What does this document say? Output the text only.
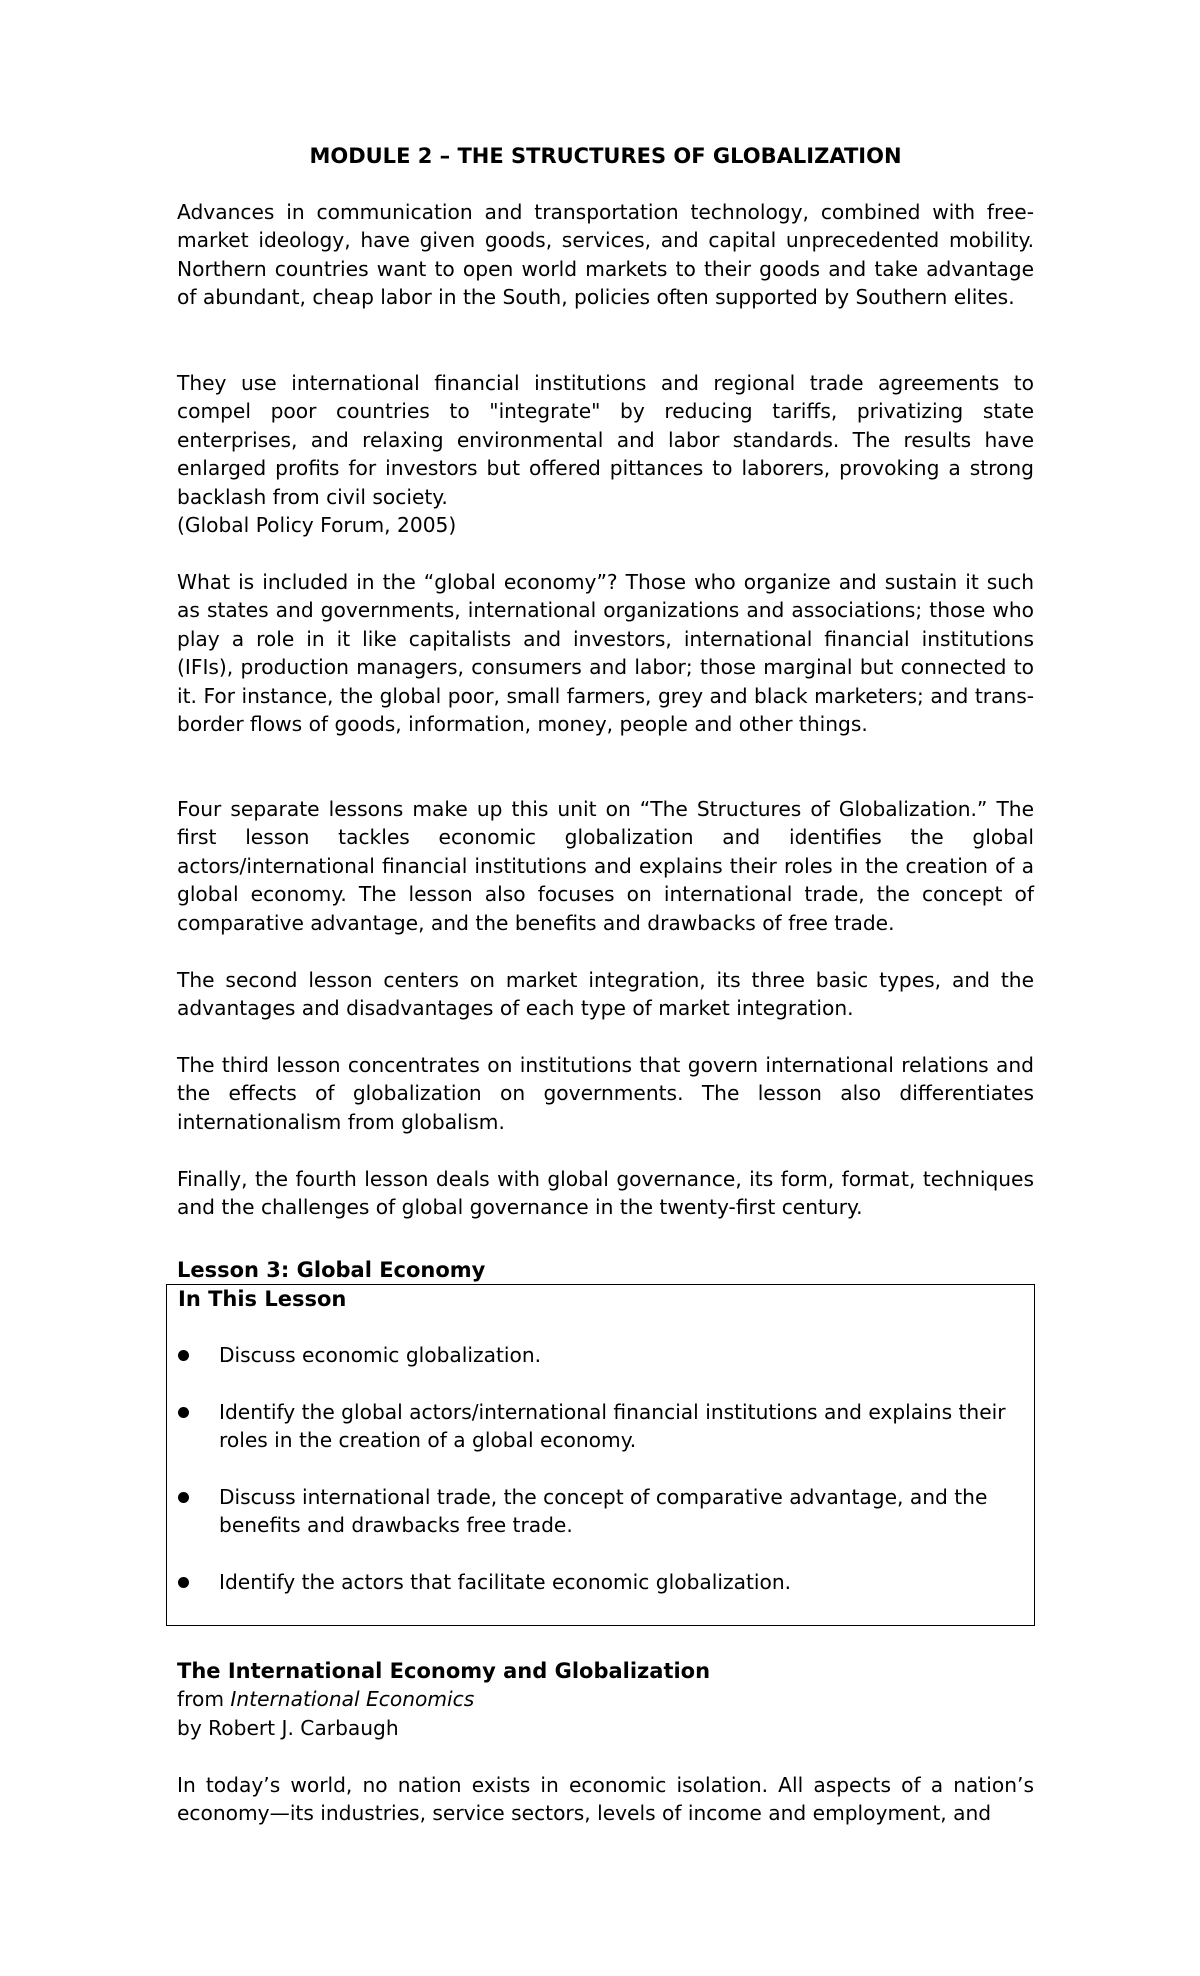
MODULE 2 – THE STRUCTURES OF GLOBALIZATION

Advances in communication and transportation technology, combined with free-market ideology, have given goods, services, and capital unprecedented mobility. Northern countries want to open world markets to their goods and take advantage of abundant, cheap labor in the South, policies often supported by Southern elites.

They use international financial institutions and regional trade agreements to compel poor countries to "integrate" by reducing tariffs, privatizing state enterprises, and relaxing environmental and labor standards. The results have enlarged profits for investors but offered pittances to laborers, provoking a strong backlash from civil society.

(Global Policy Forum, 2005)

What is included in the “global economy”? Those who organize and sustain it such as states and governments, international organizations and associations; those who play a role in it like capitalists and investors, international financial institutions (IFIs), production managers, consumers and labor; those marginal but connected to it. For instance, the global poor, small farmers, grey and black marketers; and trans-border flows of goods, information, money, people and other things.

Four separate lessons make up this unit on “The Structures of Globalization.” The first lesson tackles economic globalization and identifies the global actors/international financial institutions and explains their roles in the creation of a global economy. The lesson also focuses on international trade, the concept of comparative advantage, and the benefits and drawbacks of free trade.

The second lesson centers on market integration, its three basic types, and the advantages and disadvantages of each type of market integration.

The third lesson concentrates on institutions that govern international relations and the effects of globalization on governments. The lesson also differentiates internationalism from globalism.

Finally, the fourth lesson deals with global governance, its form, format, techniques and the challenges of global governance in the twenty-first century.

Lesson 3: Global Economy
In This Lesson
Discuss economic globalization.
Identify the global actors/international financial institutions and explains their roles in the creation of a global economy.
Discuss international trade, the concept of comparative advantage, and the benefits and drawbacks free trade.
Identify the actors that facilitate economic globalization.
The International Economy and Globalization
from International Economics
by Robert J. Carbaugh

In today’s world, no nation exists in economic isolation. All aspects of a nation’s economy—its industries, service sectors, levels of income and employment, and
